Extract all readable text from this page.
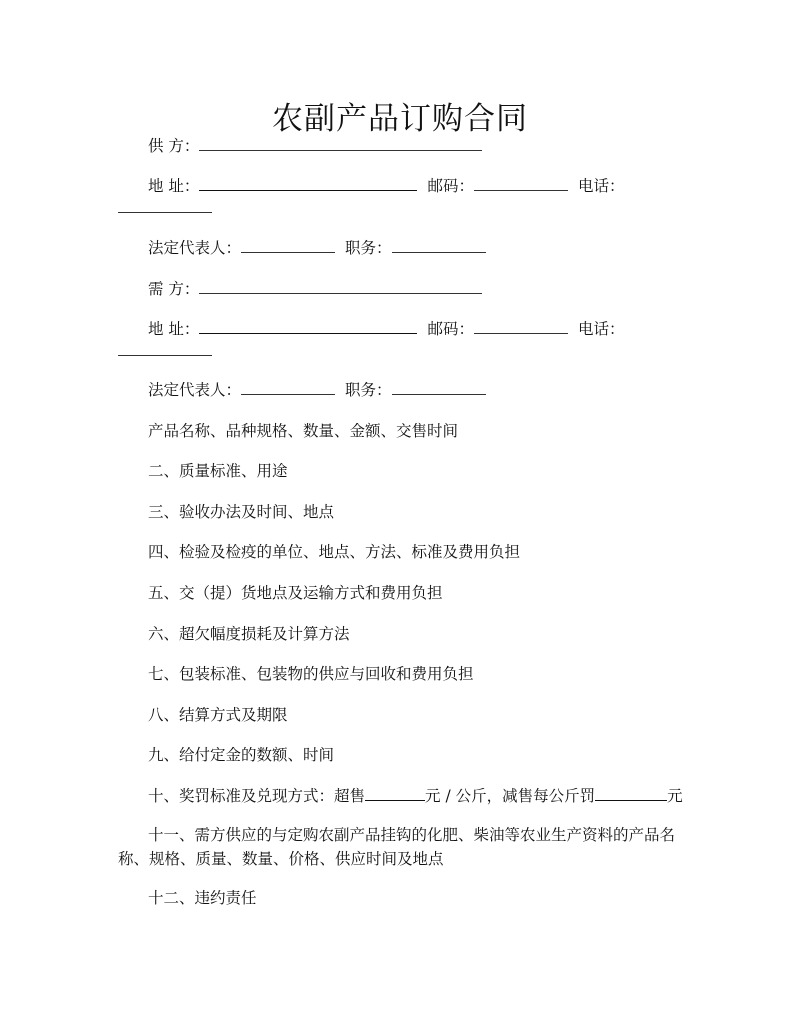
农副产品订购合同
供 方：
地 址：	邮码：	电话：
法定代表人：	职务：
需 方：
地 址：	邮码：	电话：
法定代表人：	职务：
产品名称、品种规格、数量、金额、交售时间
二、质量标准、用途
三、验收办法及时间、地点
四、检验及检疫的单位、地点、方法、标准及费用负担
五、交（提）货地点及运输方式和费用负担
六、超欠幅度损耗及计算方法
七、包装标准、包装物的供应与回收和费用负担
八、结算方式及期限
九、给付定金的数额、时间
十、奖罚标准及兑现方式：超售	元 / 公斤，减售每公斤罚	元
十一、需方供应的与定购农副产品挂钩的化肥、柴油等农业生产资料的产品名称、规格、质量、数量、价格、供应时间及地点
十二、违约责任
